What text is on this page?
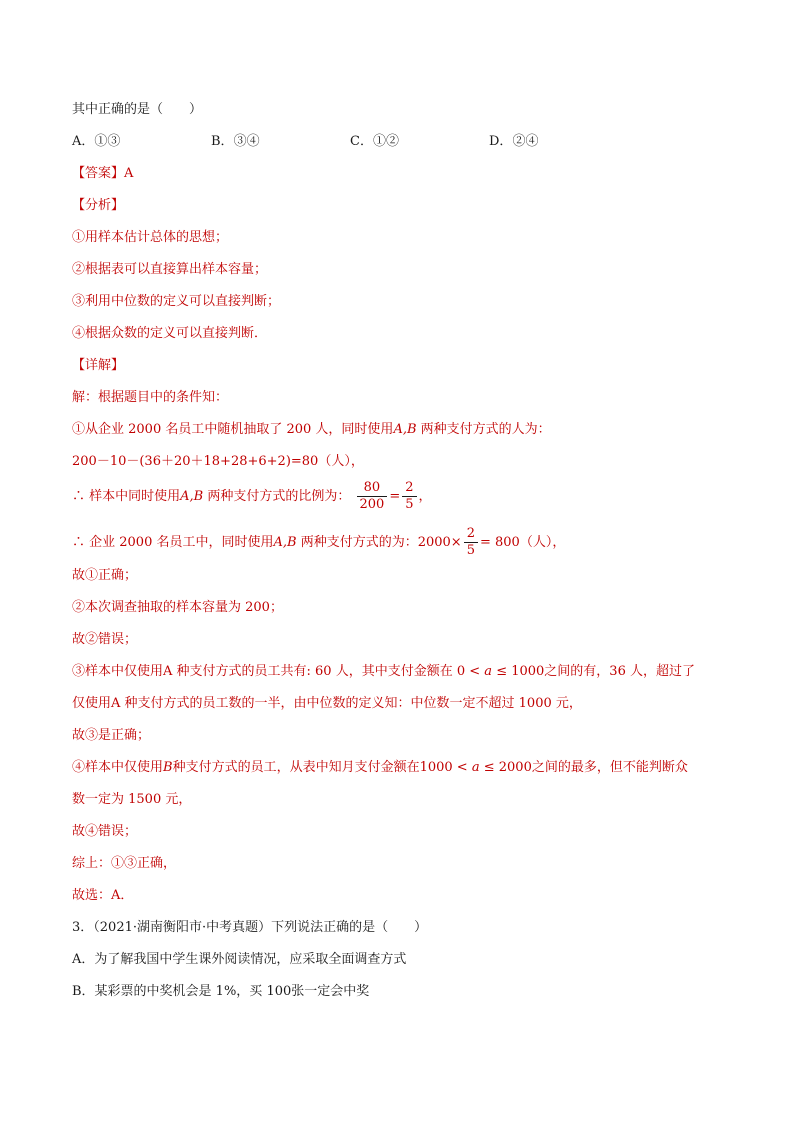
其中正确的是（　　）
A．①③	B．③④	C．①②	D．②④
【答案】A
【分析】
①用样本估计总体的思想；
②根据表可以直接算出样本容量；
③利用中位数的定义可以直接判断；
④根据众数的定义可以直接判断．
【详解】
解：根据题目中的条件知：
①从企业 2000 名员工中随机抽取了 200 人，同时使用A,B 两种支付方式的人为：
200－10－(36＋20＋18+28+6+2)=80（人），
∴ 样本中同时使用A,B 两种支付方式的比例为： $\frac{80}{200} = \frac{2}{5}$ ，
∴ 企业 2000 名员工中，同时使用A,B 两种支付方式的为：$2000\times \frac{2}{5} = 800$（人），
故①正确；
②本次调查抽取的样本容量为 200；
故②错误；
③样本中仅使用A 种支付方式的员工共有: 60 人，其中支付金额在 0 < a ≤ 1000之间的有，36 人，超过了
仅使用A 种支付方式的员工数的一半，由中位数的定义知：中位数一定不超过 1000 元，
故③是正确；
④样本中仅使用B种支付方式的员工，从表中知月支付金额在1000 < a ≤ 2000之间的最多，但不能判断众
数一定为 1500 元，
故④错误；
综上：①③正确，
故选：A．
3．（2021·湖南衡阳市·中考真题）下列说法正确的是（　　）
A．为了解我国中学生课外阅读情况，应采取全面调查方式
B．某彩票的中奖机会是 1%，买 100张一定会中奖
